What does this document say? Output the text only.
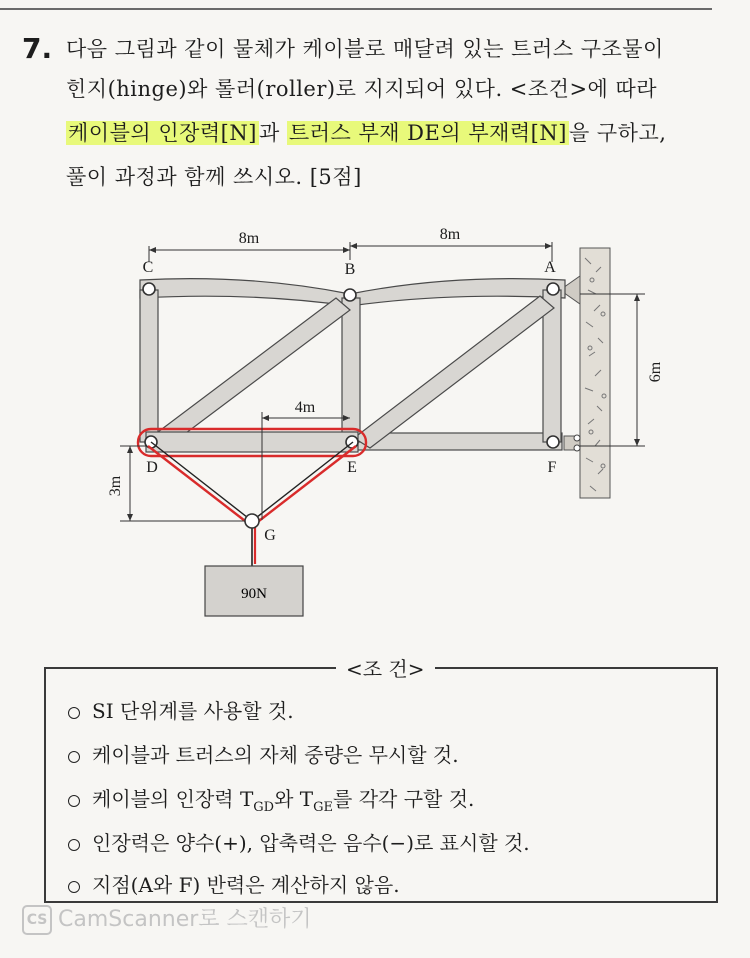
7. 다음 그림과 같이 물체가 케이블로 매달려 있는 트러스 구조물이
힌지(hinge)와 롤러(roller)로 지지되어 있다. <조건>에 따라
케이블의 인장력[N]과 트러스 부재 DE의 부재력[N]을 구하고,
풀이 과정과 함께 쓰시오. [5점]
90N
8m	8m
6m
4m
3m
C	B	A
D	E	F
G
<조 건>
SI 단위계를 사용할 것.
케이블과 트러스의 자체 중량은 무시할 것.
케이블의 인장력 $T_{GD}$와 $T_{GE}$를 각각 구할 것.
인장력은 양수(+), 압축력은 음수(−)로 표시할 것.
지점(A와 F) 반력은 계산하지 않음.
CS CamScanner로 스캔하기
